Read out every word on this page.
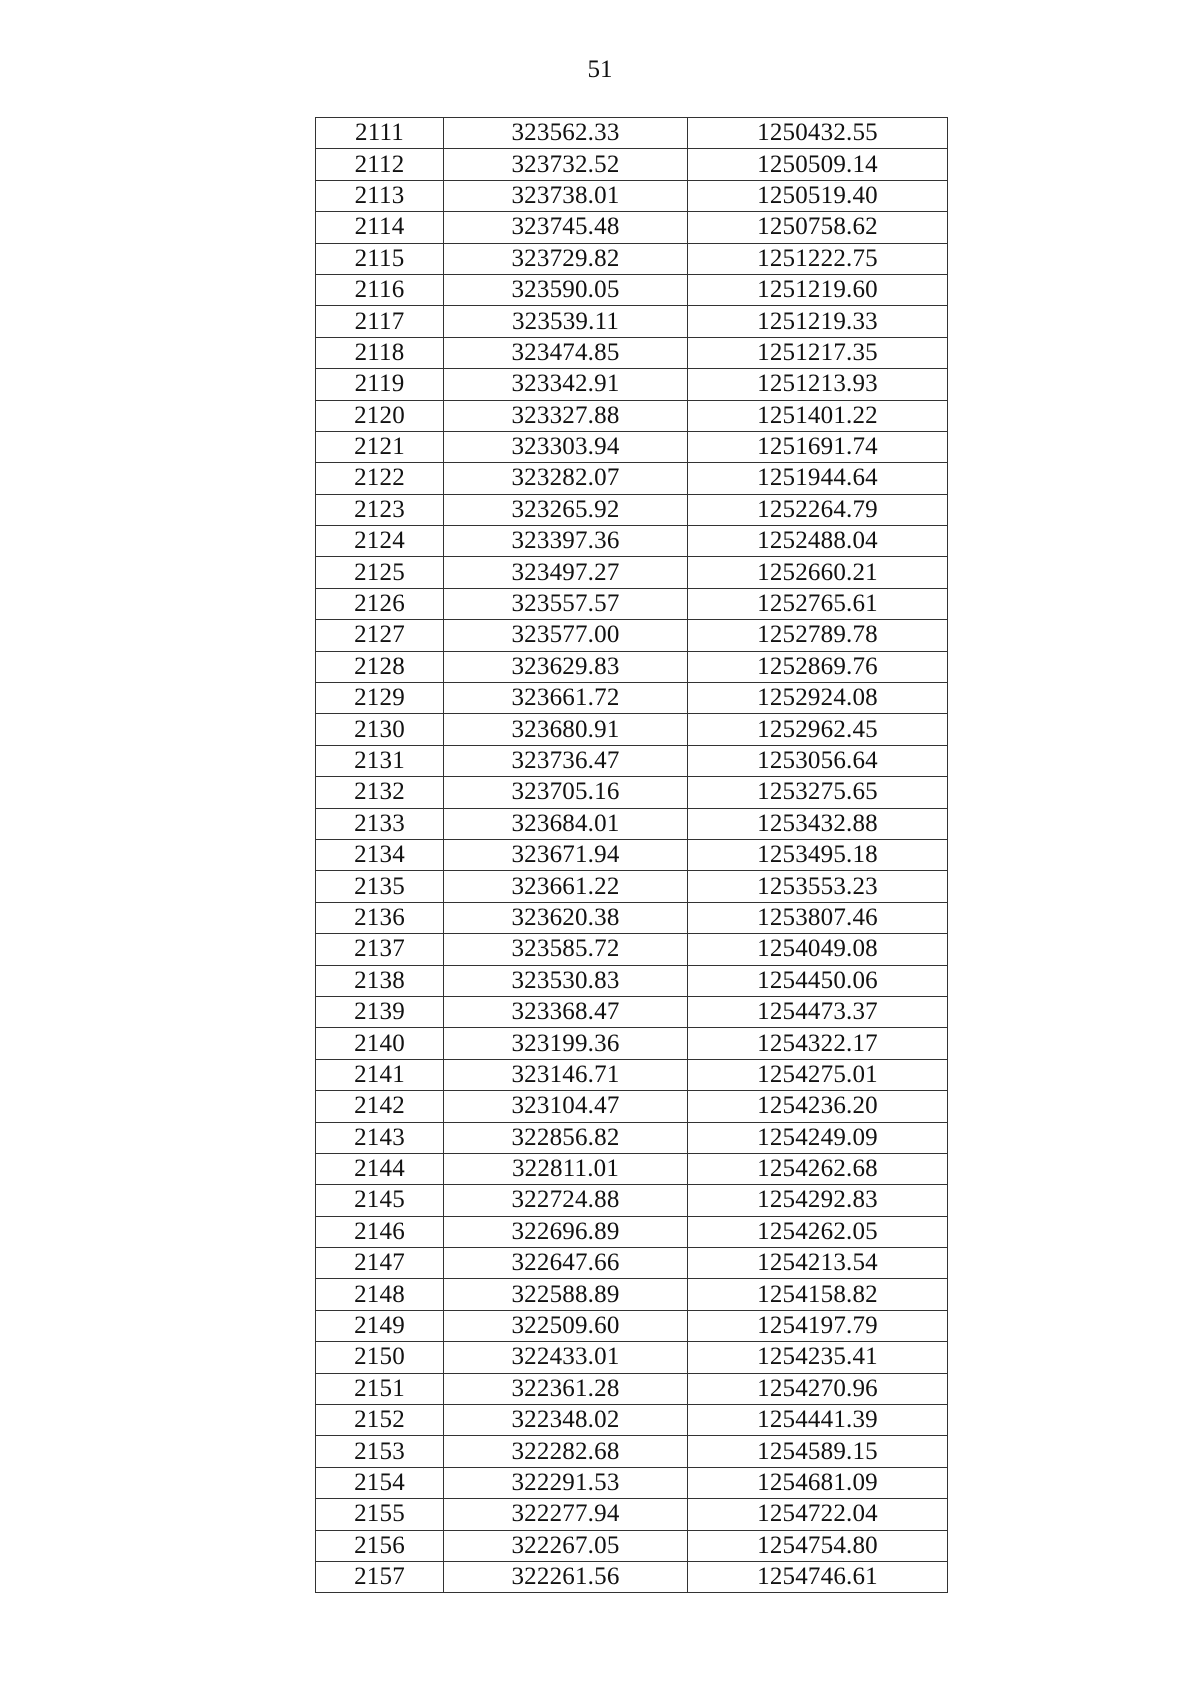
51
2111	323562.33	1250432.55
2112	323732.52	1250509.14
2113	323738.01	1250519.40
2114	323745.48	1250758.62
2115	323729.82	1251222.75
2116	323590.05	1251219.60
2117	323539.11	1251219.33
2118	323474.85	1251217.35
2119	323342.91	1251213.93
2120	323327.88	1251401.22
2121	323303.94	1251691.74
2122	323282.07	1251944.64
2123	323265.92	1252264.79
2124	323397.36	1252488.04
2125	323497.27	1252660.21
2126	323557.57	1252765.61
2127	323577.00	1252789.78
2128	323629.83	1252869.76
2129	323661.72	1252924.08
2130	323680.91	1252962.45
2131	323736.47	1253056.64
2132	323705.16	1253275.65
2133	323684.01	1253432.88
2134	323671.94	1253495.18
2135	323661.22	1253553.23
2136	323620.38	1253807.46
2137	323585.72	1254049.08
2138	323530.83	1254450.06
2139	323368.47	1254473.37
2140	323199.36	1254322.17
2141	323146.71	1254275.01
2142	323104.47	1254236.20
2143	322856.82	1254249.09
2144	322811.01	1254262.68
2145	322724.88	1254292.83
2146	322696.89	1254262.05
2147	322647.66	1254213.54
2148	322588.89	1254158.82
2149	322509.60	1254197.79
2150	322433.01	1254235.41
2151	322361.28	1254270.96
2152	322348.02	1254441.39
2153	322282.68	1254589.15
2154	322291.53	1254681.09
2155	322277.94	1254722.04
2156	322267.05	1254754.80
2157	322261.56	1254746.61
